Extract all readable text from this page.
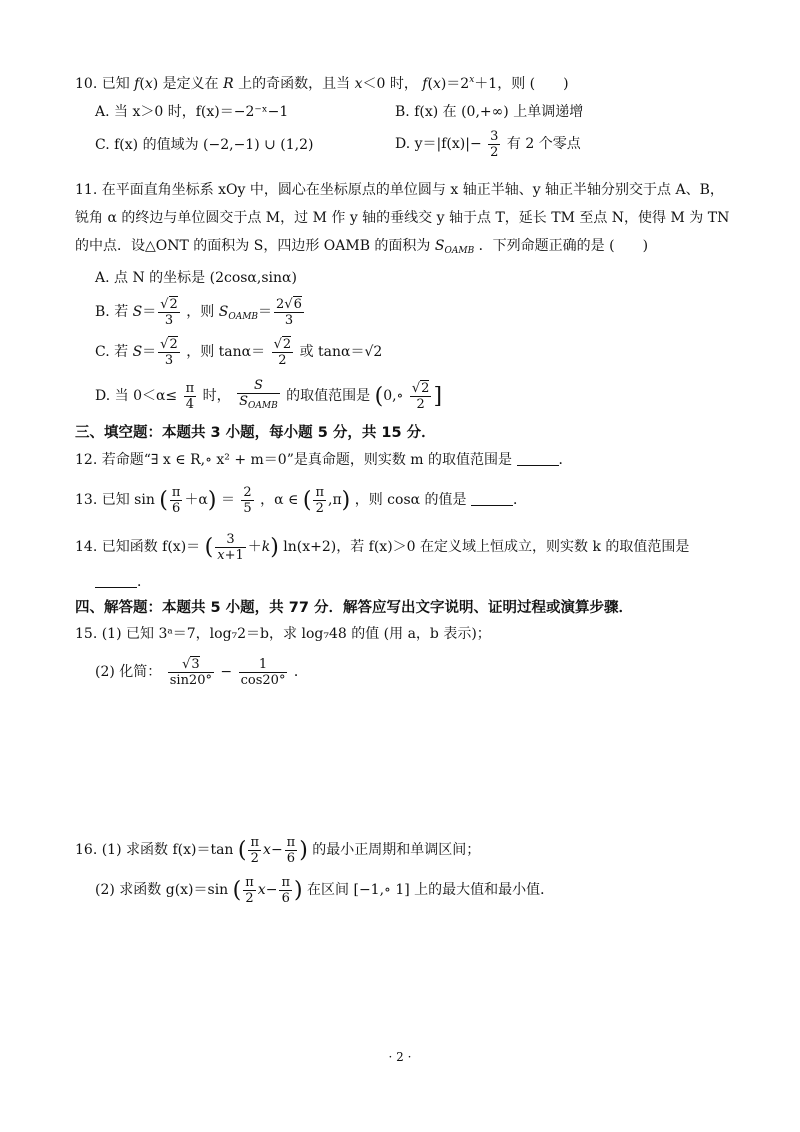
10. 已知 f(x) 是定义在 R 上的奇函数，且当 x＜0 时， $f(x)=2^x+1$，则 (　　)
A. 当 x＞0 时，f(x)＝−2⁻ˣ−1	B. f(x) 在 (0,+∞) 上单调递增
C. f(x) 的值域为 (−2,−1) ∪ (1,2)	D. $y=|f(x)|- \frac{3}{2}$ 有 2 个零点
11. 在平面直角坐标系 xOy 中，圆心在坐标原点的单位圆与 x 轴正半轴、y 轴正半轴分别交于点 A、B，
锐角 α 的终边与单位圆交于点 M，过 M 作 y 轴的垂线交 y 轴于点 T，延长 TM 至点 N，使得 M 为 TN
的中点．设△ONT 的面积为 S，四边形 OAMB 的面积为 $S_{OAMB}$ ．下列命题正确的是 (　　)
A. 点 N 的坐标是 (2cosα,sinα)
B. 若 $S= \frac{√2}{3}$ ，则 $S_{OAMB}= \frac{2√6}{3}$
C. 若 $S= \frac{√2}{3}$ ，则 $\tan\alpha= \frac{√2}{2}$ 或 tanα＝√2
D. 当 $0<\alpha\le \frac{\pi}{4}$ 时， $\frac{S}{S_{OAMB}}$ 的取值范围是 (0,∘ $\frac{√2}{2}$ ]
三、填空题：本题共 3 小题，每小题 5 分，共 15 分．
12. 若命题“∃ x ∈ R,∘ x² + m＝0”是真命题，则实数 m 的取值范围是	．
13. 已知 sin ( $\frac{\pi}{6} +\alpha) = \frac{2}{5}$ ，α ∈ ( $\frac{\pi}{2} ,\pi$) ，则 cosα 的值是	．
14. 已知函数 f(x)＝ ( $\frac{3}{x+1} +k$) ln(x+2)，若 f(x)＞0 在定义域上恒成立，则实数 k 的取值范围是
．
四、解答题：本题共 5 小题，共 77 分．解答应写出文字说明、证明过程或演算步骤．
15. (1) 已知 3ᵃ＝7，log₇2＝b，求 log₇48 的值 (用 a，b 表示)；
(2) 化简： $\frac{√3}{\sin 20^\circ} - \frac{1}{\cos 20^\circ}$ ．
16. (1) 求函数 f(x)＝tan ( $\frac{\pi}{2} x- \frac{\pi}{6}$ ) 的最小正周期和单调区间；
(2) 求函数 g(x)＝sin ( $\frac{\pi}{2} x- \frac{\pi}{6}$ ) 在区间 [−1,∘ 1] 上的最大值和最小值．
· 2 ·
